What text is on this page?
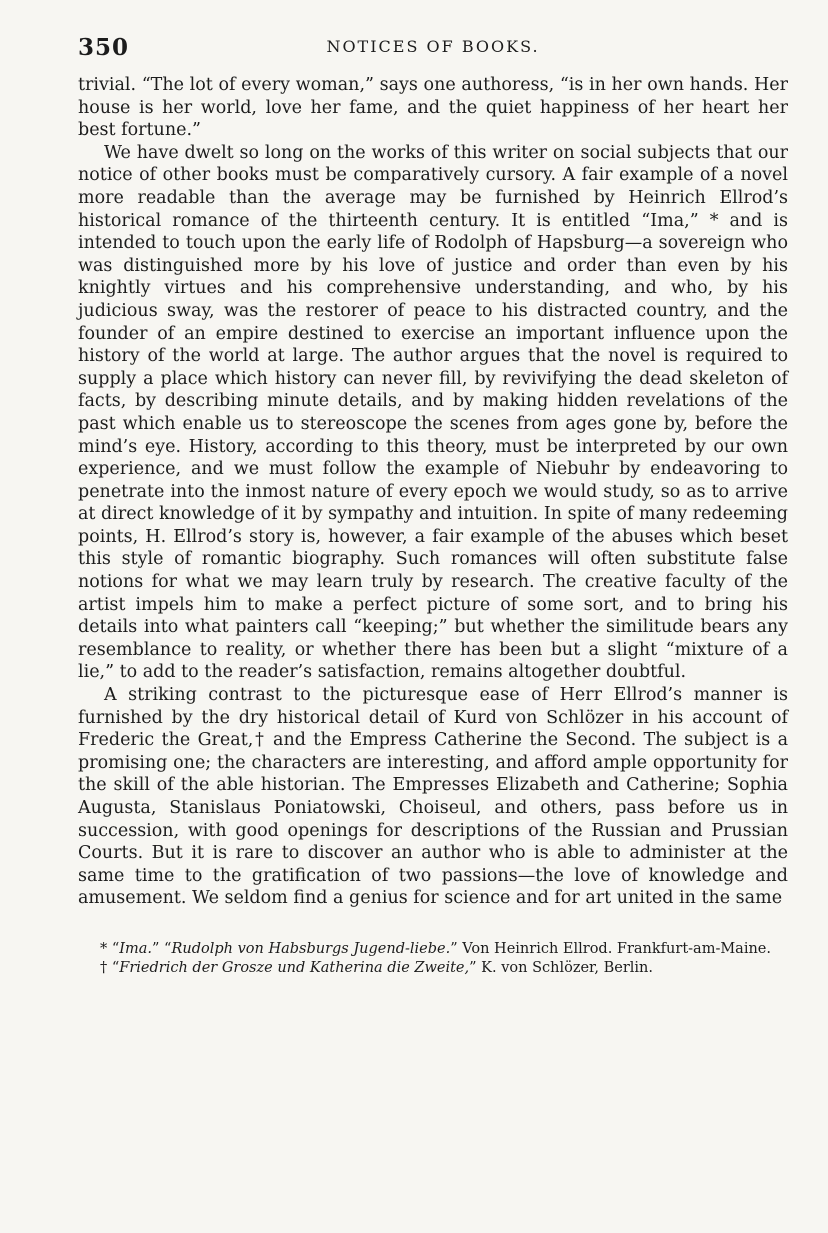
350	NOTICES OF BOOKS.

trivial. “The lot of every woman,” says one authoress, “is in her own hands. Her house is her world, love her fame, and the quiet happiness of her heart her best fortune.”

We have dwelt so long on the works of this writer on social subjects that our notice of other books must be comparatively cursory. A fair example of a novel more readable than the average may be furnished by Heinrich Ellrod’s historical romance of the thirteenth century. It is entitled “Ima,” * and is intended to touch upon the early life of Rodolph of Hapsburg—a sovereign who was distinguished more by his love of justice and order than even by his knightly virtues and his comprehensive understanding, and who, by his judicious sway, was the restorer of peace to his distracted country, and the founder of an empire destined to exercise an important influence upon the history of the world at large. The author argues that the novel is required to supply a place which history can never fill, by revivifying the dead skeleton of facts, by describing minute details, and by making hidden revelations of the past which enable us to stereoscope the scenes from ages gone by, before the mind’s eye. History, according to this theory, must be interpreted by our own experience, and we must follow the example of Niebuhr by endeavoring to penetrate into the inmost nature of every epoch we would study, so as to arrive at direct knowledge of it by sympathy and intuition. In spite of many redeeming points, H. Ellrod’s story is, however, a fair example of the abuses which beset this style of romantic biography. Such romances will often substitute false notions for what we may learn truly by research. The creative faculty of the artist impels him to make a perfect picture of some sort, and to bring his details into what painters call “keeping;” but whether the similitude bears any resemblance to reality, or whether there has been but a slight “mixture of a lie,” to add to the reader’s satisfaction, remains altogether doubtful.

A striking contrast to the picturesque ease of Herr Ellrod’s manner is furnished by the dry historical detail of Kurd von Schlözer in his account of Frederic the Great,† and the Empress Catherine the Second. The subject is a promising one; the characters are interesting, and afford ample opportunity for the skill of the able historian. The Empresses Elizabeth and Catherine; Sophia Augusta, Stanislaus Poniatowski, Choiseul, and others, pass before us in succession, with good openings for descriptions of the Russian and Prussian Courts. But it is rare to discover an author who is able to administer at the same time to the gratification of two passions—the love of knowledge and amusement. We seldom find a genius for science and for art united in the same

* “Ima.” “Rudolph von Habsburgs Jugend-liebe.” Von Heinrich Ellrod. Frankfurt-am-Maine.

† “Friedrich der Grosze und Katherina die Zweite,” K. von Schlözer, Berlin.
